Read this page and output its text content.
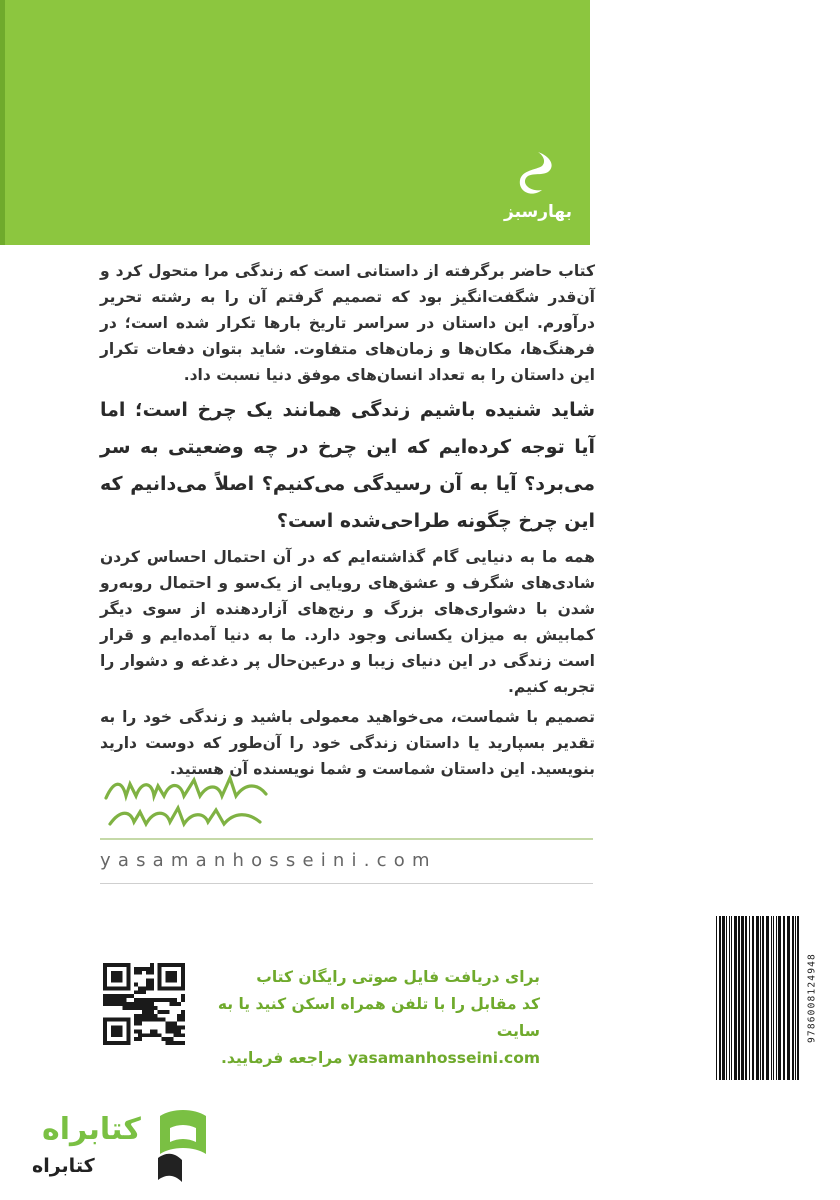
بهارسبز

کتاب حاضر برگرفته از داستانی است که زندگی مرا متحول کرد و آن‌قدر شگفت‌انگیز بود که تصمیم گرفتم آن را به رشته تحریر درآورم. این داستان در سراسر تاریخ بارها تکرار شده است؛ در فرهنگ‌ها، مکان‌ها و زمان‌های متفاوت. شاید بتوان دفعات تکرار این داستان را به تعداد انسان‌های موفق دنیا نسبت داد.

شاید شنیده باشیم زندگی همانند یک چرخ است؛ اما آیا توجه کرده‌ایم که این چرخ در چه وضعیتی به سر می‌برد؟ آیا به آن رسیدگی می‌کنیم؟ اصلاً می‌دانیم که این چرخ چگونه طراحی‌شده است؟

همه ما به دنیایی گام گذاشته‌ایم که در آن احتمال احساس کردن شادی‌های شگرف و عشق‌های رویایی از یک‌سو و احتمال روبه‌رو شدن با دشواری‌های بزرگ و رنج‌های آزاردهنده از سوی دیگر کمابیش به میزان یکسانی وجود دارد. ما به دنیا آمده‌ایم و قرار است زندگی در این دنیای زیبا و درعین‌حال پر دغدغه و دشوار را تجربه کنیم.

تصمیم با شماست، می‌خواهید معمولی باشید و زندگی خود را به تقدیر بسپارید یا داستان زندگی خود را آن‌طور که دوست دارید بنویسید. این داستان شماست و شما نویسنده آن هستید.

yasamanhosseini.com
9786008124948
برای دریافت فایل صوتی رایگان کتاب
کد مقابل را با تلفن همراه اسکن کنید یا به سایت
yasamanhosseini.com مراجعه فرمایید.
کتابراه
کتابراه
